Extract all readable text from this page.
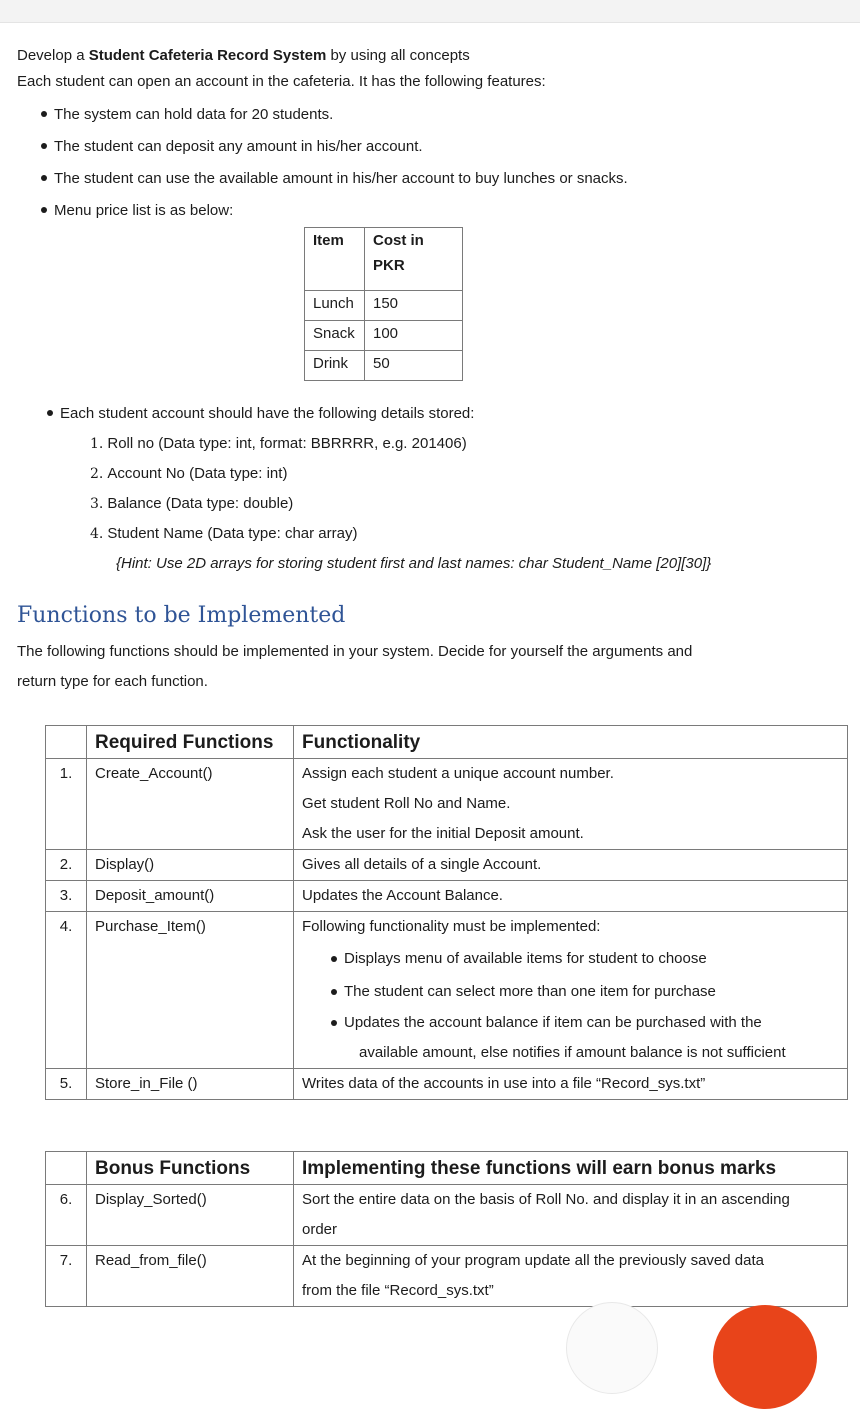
Develop a Student Cafeteria Record System by using all concepts
Each student can open an account in the cafeteria. It has the following features:
The system can hold data for 20 students.
The student can deposit any amount in his/her account.
The student can use the available amount in his/her account to buy lunches or snacks.
Menu price list is as below:
Item	Cost in
PKR
Lunch	150
Snack	100
Drink	50
Each student account should have the following details stored:
1. Roll no (Data type: int, format: BBRRRR, e.g. 201406)
2. Account No (Data type: int)
3. Balance (Data type: double)
4. Student Name (Data type: char array)
{Hint: Use 2D arrays for storing student first and last names: char Student_Name [20][30]}
Functions to be Implemented
The following functions should be implemented in your system. Decide for yourself the arguments and
return type for each function.
	Required Functions	Functionality

1.	Create_Account()	Assign each student a unique account number.
Get student Roll No and Name.
Ask the user for the initial Deposit amount.

2.	Display()	Gives all details of a single Account.

3.	Deposit_amount()	Updates the Account Balance.

4.	Purchase_Item()	Following functionality must be implemented:
Displays menu of available items for student to choose
The student can select more than one item for purchase
Updates the account balance if item can be purchased with the
available amount, else notifies if amount balance is not sufficient

5.	Store_in_File ()	Writes data of the accounts in use into a file “Record_sys.txt”
	Bonus Functions	Implementing these functions will earn bonus marks

6.	Display_Sorted()	Sort the entire data on the basis of Roll No. and display it in an ascending
order

7.	Read_from_file()	At the beginning of your program update all the previously saved data
from the file “Record_sys.txt”
